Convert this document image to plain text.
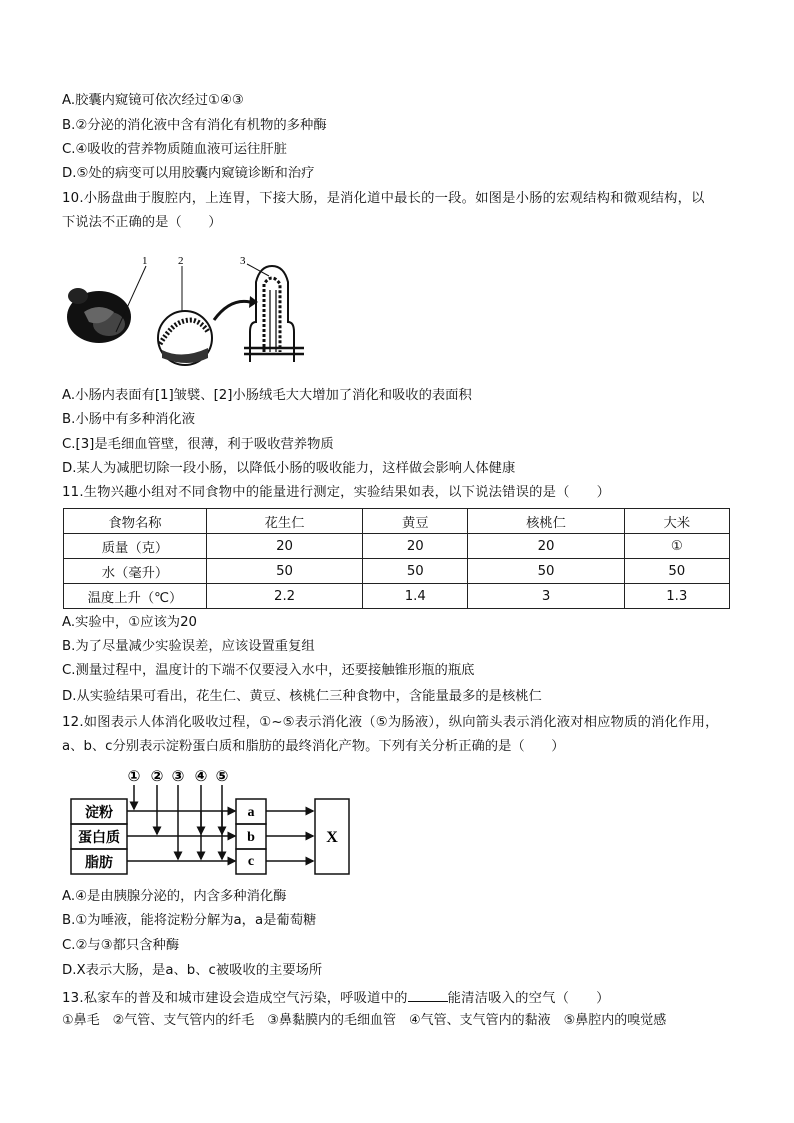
A.胶囊内窥镜可依次经过①④③
B.②分泌的消化液中含有消化有机物的多种酶
C.④吸收的营养物质随血液可运往肝脏
D.⑤处的病变可以用胶囊内窥镜诊断和治疗
10.小肠盘曲于腹腔内，上连胃，下接大肠，是消化道中最长的一段。如图是小肠的宏观结构和微观结构，以
下说法不正确的是（　　）
1	2	3
A.小肠内表面有[1]皱襞、[2]小肠绒毛大大增加了消化和吸收的表面积
B.小肠中有多种消化液
C.[3]是毛细血管壁，很薄，利于吸收营养物质
D.某人为减肥切除一段小肠，以降低小肠的吸收能力，这样做会影响人体健康
11.生物兴趣小组对不同食物中的能量进行测定，实验结果如表，以下说法错误的是（　　）
食物名称	花生仁	黄豆	核桃仁	大米
质量（克）	20	20	20	①
水（毫升）	50	50	50	50
温度上升（℃）	2.2	1.4	3	1.3
A.实验中，①应该为20
B.为了尽量减少实验误差，应该设置重复组
C.测量过程中，温度计的下端不仅要浸入水中，还要接触锥形瓶的瓶底
D.从实验结果可看出，花生仁、黄豆、核桃仁三种食物中，含能量最多的是核桃仁
12.如图表示人体消化吸收过程，①~⑤表示消化液（⑤为肠液），纵向箭头表示消化液对相应物质的消化作用，
a、b、c分别表示淀粉蛋白质和脂肪的最终消化产物。下列有关分析正确的是（　　）
① ② ③ ④ ⑤
淀粉
蛋白质
脂肪
a
b
c
X
A.④是由胰腺分泌的，内含多种消化酶
B.①为唾液，能将淀粉分解为a，a是葡萄糖
C.②与③都只含种酶
D.X表示大肠，是a、b、c被吸收的主要场所
13.私家车的普及和城市建设会造成空气污染，呼吸道中的	能清洁吸入的空气（　　）
①鼻毛　②气管、支气管内的纤毛　③鼻黏膜内的毛细血管　④气管、支气管内的黏液　⑤鼻腔内的嗅觉感
